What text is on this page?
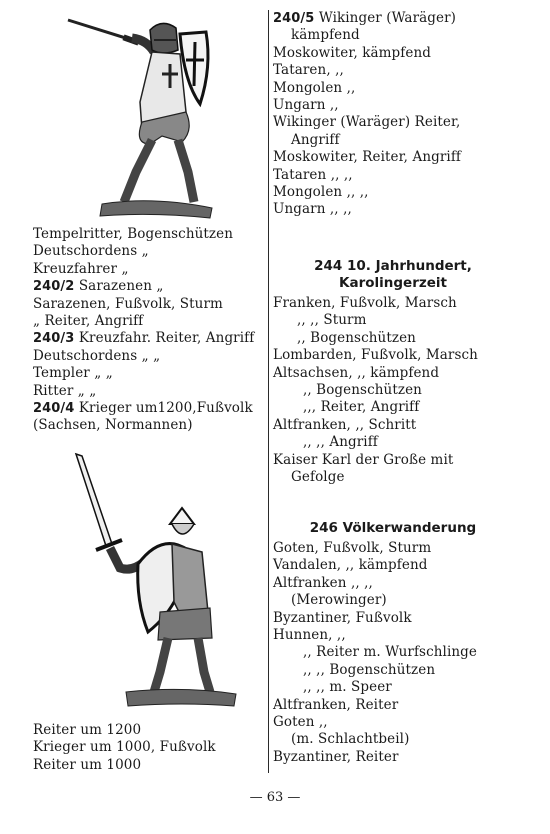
Tempelritter, Bogenschützen
Deutschordens „
Kreuzfahrer „
240/2 Sarazenen „
Sarazenen, Fußvolk, Sturm
„ Reiter, Angriff
240/3 Kreuzfahr. Reiter, Angriff
Deutschordens „ „
Templer „ „
Ritter „ „
240/4 Krieger um1200,Fußvolk
(Sachsen, Normannen)
Reiter um 1200
Krieger um 1000, Fußvolk
Reiter um 1000
240/5 Wikinger (Waräger)
kämpfend
Moskowiter, kämpfend
Tataren, ,,
Mongolen ,,
Ungarn ,,
Wikinger (Waräger) Reiter,
Angriff
Moskowiter, Reiter, Angriff
Tataren ,, ,,
Mongolen ,, ,,
Ungarn ,, ,,
244 10. Jahrhundert,
Karolingerzeit
Franken, Fußvolk, Marsch
,, ,, Sturm
,, Bogenschützen
Lombarden, Fußvolk, Marsch
Altsachsen, ,, kämpfend
,, Bogenschützen
,,, Reiter, Angriff
Altfranken, ,, Schritt
,, ,, Angriff
Kaiser Karl der Große mit
Gefolge
246 Völkerwanderung
Goten, Fußvolk, Sturm
Vandalen, ,, kämpfend
Altfranken ,, ,,
(Merowinger)
Byzantiner, Fußvolk
Hunnen, ,,
,, Reiter m. Wurfschlinge
,, ,, Bogenschützen
,, ,, m. Speer
Altfranken, Reiter
Goten ,,
(m. Schlachtbeil)
Byzantiner, Reiter
— 63 —
